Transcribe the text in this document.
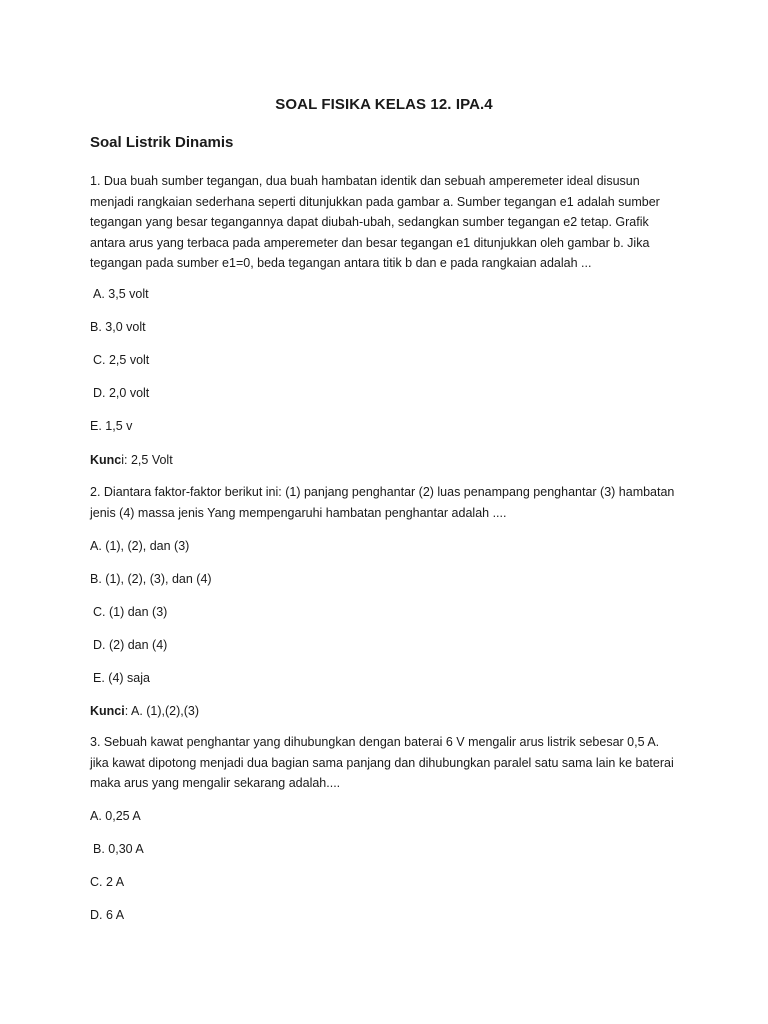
SOAL FISIKA KELAS 12. IPA.4
Soal Listrik Dinamis

1. Dua buah sumber tegangan, dua buah hambatan identik dan sebuah amperemeter ideal disusun menjadi rangkaian sederhana seperti ditunjukkan pada gambar a. Sumber tegangan e1 adalah sumber tegangan yang besar tegangannya dapat diubah-ubah, sedangkan sumber tegangan e2 tetap. Grafik antara arus yang terbaca pada amperemeter dan besar tegangan e1 ditunjukkan oleh gambar b. Jika tegangan pada sumber e1=0, beda tegangan antara titik b dan e pada rangkaian adalah ...

A. 3,5 volt
B. 3,0 volt
C. 2,5 volt
D. 2,0 volt
E. 1,5 v
Kunci: 2,5 Volt

2. Diantara faktor-faktor berikut ini: (1) panjang penghantar (2) luas penampang penghantar (3) hambatan jenis (4) massa jenis Yang mempengaruhi hambatan penghantar adalah ....

A. (1), (2), dan (3)
B. (1), (2), (3), dan (4)
C. (1) dan (3)
D. (2) dan (4)
E. (4) saja
Kunci: A. (1),(2),(3)

3. Sebuah kawat penghantar yang dihubungkan dengan baterai 6 V mengalir arus listrik sebesar 0,5 A. jika kawat dipotong menjadi dua bagian sama panjang dan dihubungkan paralel satu sama lain ke baterai maka arus yang mengalir sekarang adalah....

A. 0,25 A
B. 0,30 A
C. 2 A
D. 6 A
